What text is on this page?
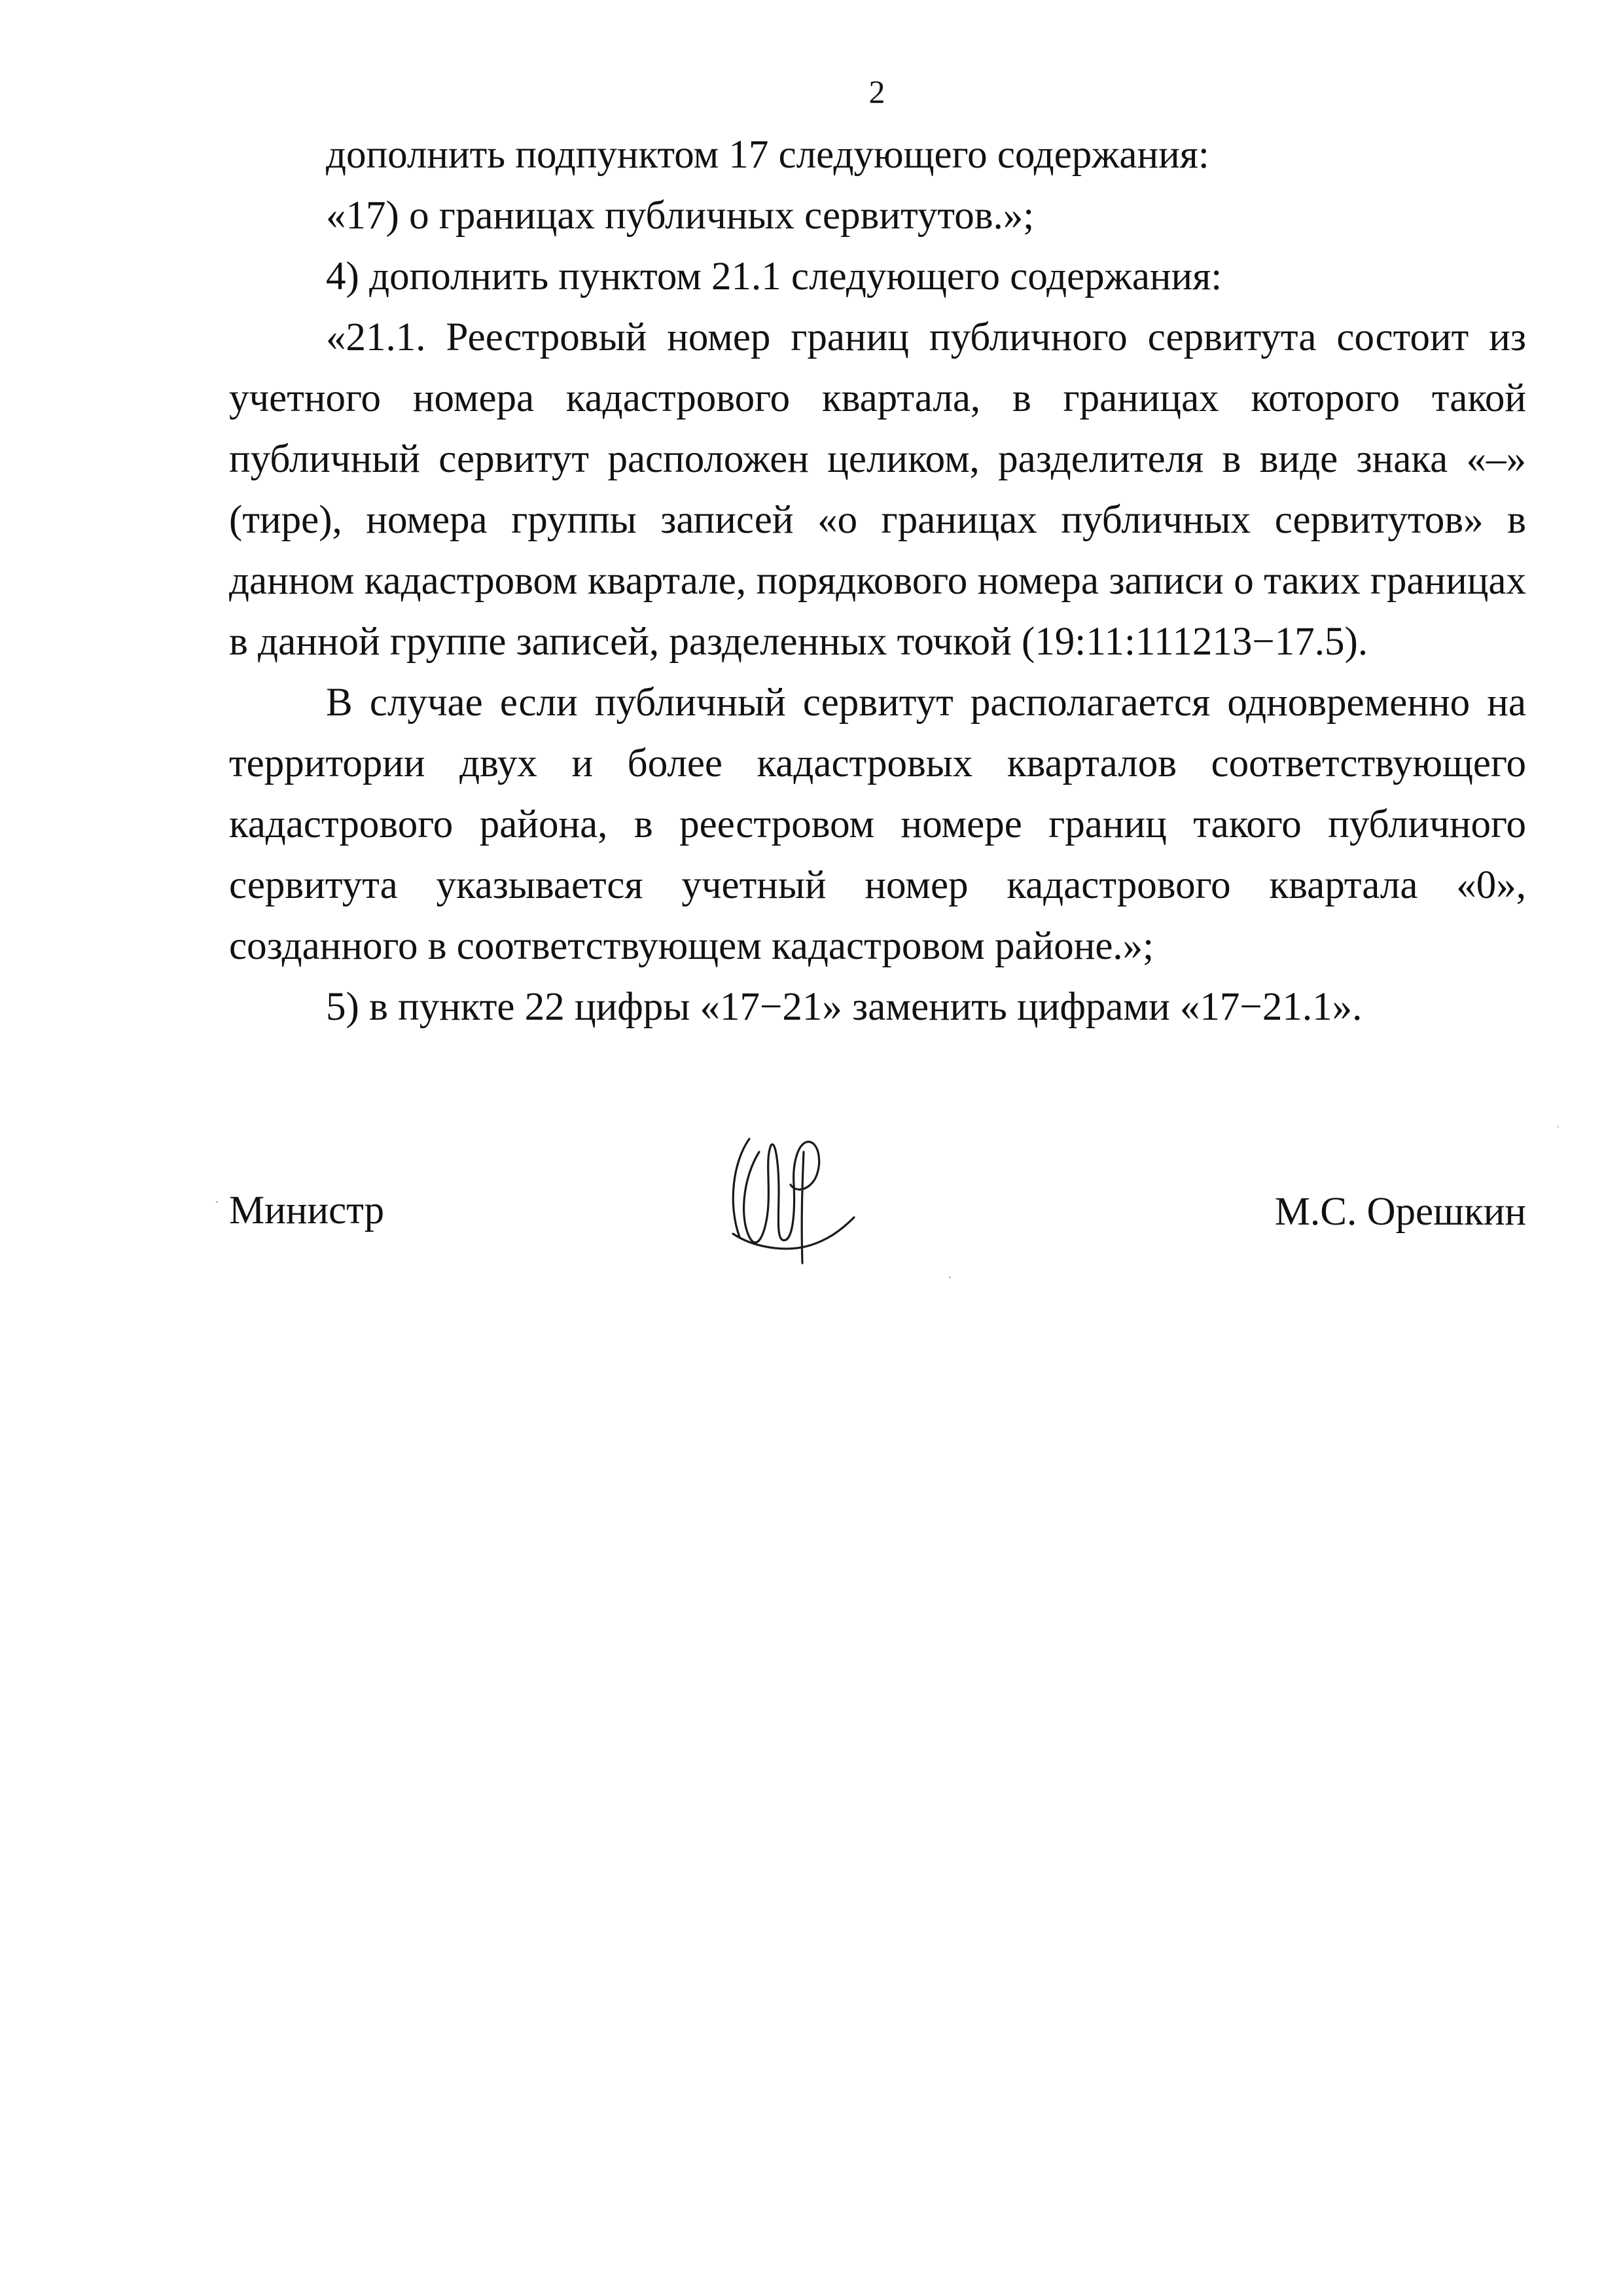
2

дополнить подпунктом 17 следующего содержания:

«17) о границах публичных сервитутов.»;

4) дополнить пунктом 21.1 следующего содержания:

«21.1. Реестровый номер границ публичного сервитута состоит из учетного номера кадастрового квартала, в границах которого такой публичный сервитут расположен целиком, разделителя в виде знака «–» (тире), номера группы записей «о границах публичных сервитутов» в данном кадастровом квартале, порядкового номера записи о таких границах в данной группе записей, разделенных точкой (19:11:111213−17.5).

В случае если публичный сервитут располагается одновременно на территории двух и более кадастровых кварталов соответствующего кадастрового района, в реестровом номере границ такого публичного сервитута указывается учетный номер кадастрового квартала «0», созданного в соответствующем кадастровом районе.»;

5) в пункте 22 цифры «17−21» заменить цифрами «17−21.1».

Министр	М.С. Орешкин
